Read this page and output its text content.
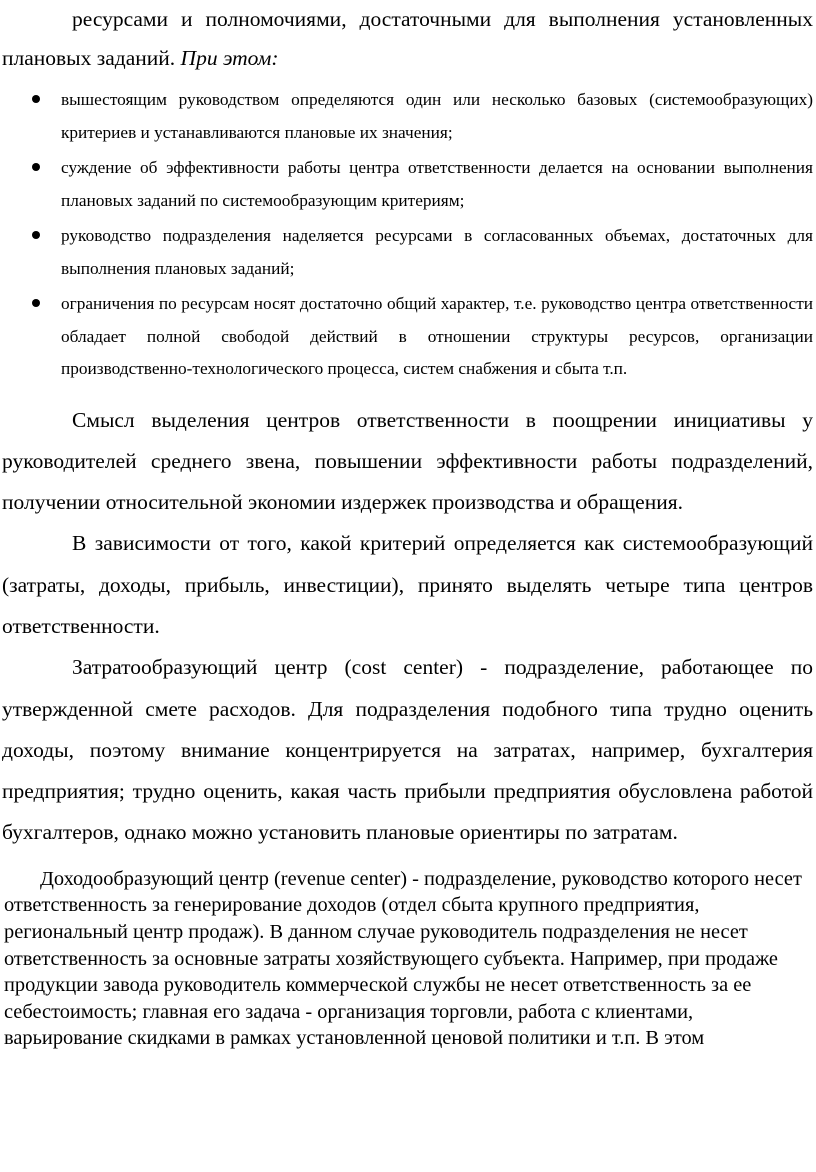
ресурсами и полномочиями, достаточными для выполнения установленных плановых заданий. При этом:

вышестоящим руководством определяются один или несколько базовых (системообразующих) критериев и устанавливаются плановые их значения;
суждение об эффективности работы центра ответственности делается на основании выполнения плановых заданий по системообразующим критериям;
руководство подразделения наделяется ресурсами в согласованных объемах, достаточных для выполнения плановых заданий;
ограничения по ресурсам носят достаточно общий характер, т.е. руководство центра ответственности обладает полной свободой действий в отношении структуры ресурсов, организации производственно-технологического процесса, систем снабжения и сбыта т.п.

Смысл выделения центров ответственности в поощрении инициативы у руководителей среднего звена, повышении эффективности работы подразделений, получении относительной экономии издержек производства и обращения.

В зависимости от того, какой критерий определяется как системообразующий (затраты, доходы, прибыль, инвестиции), принято выделять четыре типа центров ответственности.

Затратообразующий центр (cost center) - подразделение, работающее по утвержденной смете расходов. Для подразделения подобного типа трудно оценить доходы, поэтому внимание концентрируется на затратах, например, бухгалтерия предприятия; трудно оценить, какая часть прибыли предприятия обусловлена работой бухгалтеров, однако можно установить плановые ориентиры по затратам.

Доходообразующий центр (revenue center) - подразделение, руководство которого несет ответственность за генерирование доходов (отдел сбыта крупного предприятия, региональный центр продаж). В данном случае руководитель подразделения не несет ответственность за основные затраты хозяйствующего субъекта. Например, при продаже продукции завода руководитель коммерческой службы не несет ответственность за ее себестоимость; главная его задача - организация торговли, работа с клиентами, варьирование скидками в рамках установленной ценовой политики и т.п. В этом
